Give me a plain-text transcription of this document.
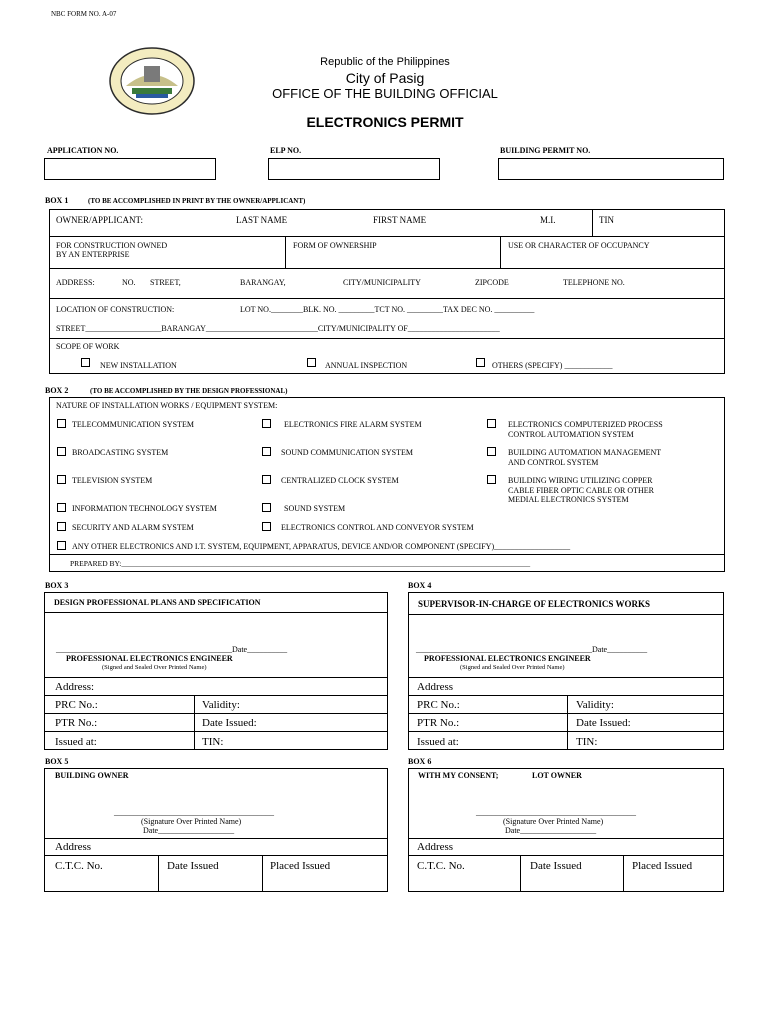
NBC FORM NO. A-07
Republic of the Philippines
City of Pasig
OFFICE OF THE BUILDING OFFICIAL
ELECTRONICS PERMIT
APPLICATION NO.	ELP NO.	BUILDING PERMIT NO.
BOX 1	(TO BE ACCOMPLISHED IN PRINT BY THE OWNER/APPLICANT)
OWNER/APPLICANT:	LAST NAME	FIRST NAME	M.I.	TIN
FOR CONSTRUCTION OWNED
BY AN ENTERPRISE
FORM OF OWNERSHIP	USE OR CHARACTER OF OCCUPANCY
ADDRESS:	NO. STREET,	BARANGAY,	CITY/MUNICIPALITY	ZIPCODE	TELEPHONE NO.
LOCATION OF CONSTRUCTION:	LOT NO.________BLK. NO. _________TCT NO. _________TAX DEC NO. __________
STREET___________________BARANGAY____________________________CITY/MUNICIPALITY OF_______________________
SCOPE OF WORK
NEW INSTALLATION	ANNUAL INSPECTION	OTHERS (SPECIFY) ____________
BOX 2	(TO BE ACCOMPLISHED BY THE DESIGN PROFESSIONAL)
NATURE OF INSTALLATION WORKS / EQUIPMENT SYSTEM:
TELECOMMUNICATION SYSTEM	ELECTRONICS FIRE ALARM SYSTEM	ELECTRONICS COMPUTERIZED PROCESS
CONTROL AUTOMATION SYSTEM
BROADCASTING SYSTEM	SOUND COMMUNICATION SYSTEM	BUILDING AUTOMATION MANAGEMENT
AND CONTROL SYSTEM
TELEVISION SYSTEM	CENTRALIZED CLOCK SYSTEM	BUILDING WIRING UTILIZING COPPER
CABLE FIBER OPTIC CABLE OR OTHER
MEDIAL ELECTRONICS SYSTEM
INFORMATION TECHNOLOGY SYSTEM	SOUND SYSTEM
SECURITY AND ALARM SYSTEM	ELECTRONICS CONTROL AND CONVEYOR SYSTEM
ANY OTHER ELECTRONICS AND I.T. SYSTEM, EQUIPMENT, APPARATUS, DEVICE AND/OR COMPONENT (SPECIFY)___________________
PREPARED BY:_____________________________________________________________________________________________________________
BOX 3
DESIGN PROFESSIONAL PLANS AND SPECIFICATION
____________________________________________Date__________
PROFESSIONAL ELECTRONICS ENGINEER
(Signed and Sealed Over Printed Name)
Address:
PRC No.:	Validity:
PTR No.:	Date Issued:
Issued at:	TIN:
BOX 4
SUPERVISOR-IN-CHARGE OF ELECTRONICS WORKS
____________________________________________Date__________
PROFESSIONAL ELECTRONICS ENGINEER
(Signed and Sealed Over Printed Name)
Address
PRC No.:	Validity:
PTR No.:	Date Issued:
Issued at:	TIN:
BOX 5
BUILDING OWNER
________________________________________
(Signature Over Printed Name)
Date___________________
Address
C.T.C. No.	Date Issued	Placed Issued
BOX 6
WITH MY CONSENT;	LOT OWNER
________________________________________
(Signature Over Printed Name)
Date___________________
Address
C.T.C. No.	Date Issued	Placed Issued
